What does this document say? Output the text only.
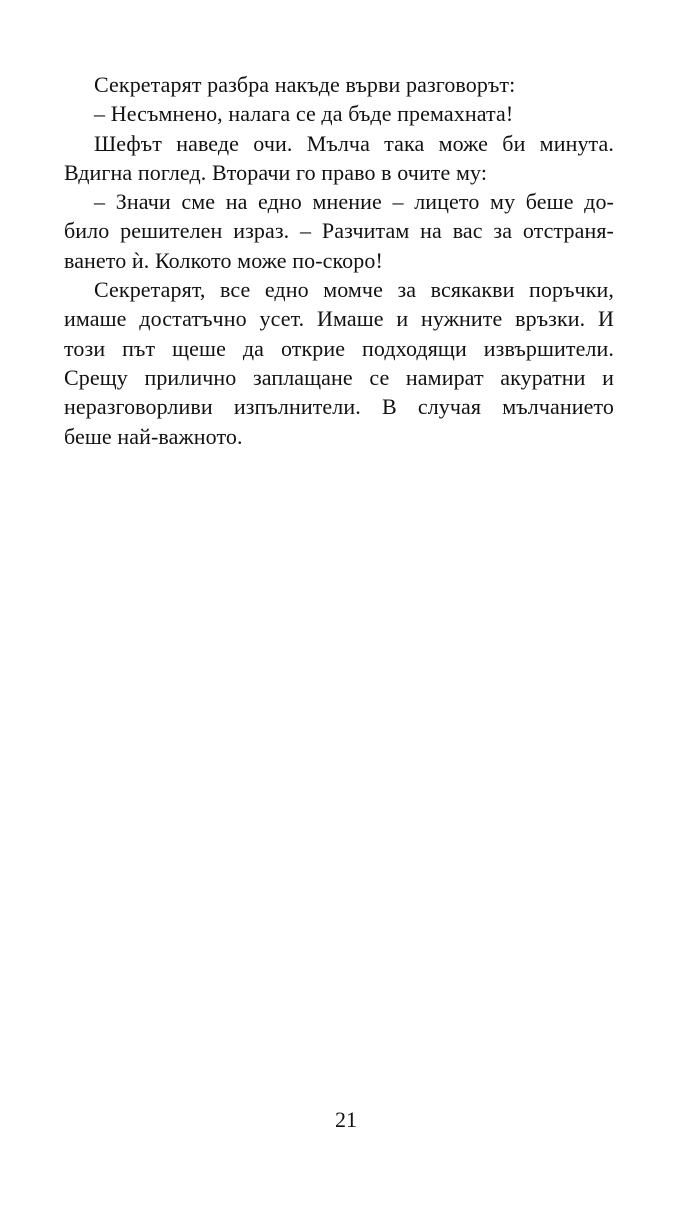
Секретарят разбра накъде върви разговорът:
– Несъмнено, налага се да бъде премахната!
Шефът наведе очи. Мълча така може би минута.
Вдигна поглед. Вторачи го право в очите му:
– Значи сме на едно мнение – лицето му беше до-
било решителен израз. – Разчитам на вас за отстраня-
ването ѝ. Колкото може по-скоро!
Секретарят, все едно момче за всякакви поръчки,
имаше достатъчно усет. Имаше и нужните връзки. И
този път щеше да открие подходящи извършители.
Срещу прилично заплащане се намират акуратни и
неразговорливи изпълнители. В случая мълчанието
беше най-важното.
21
